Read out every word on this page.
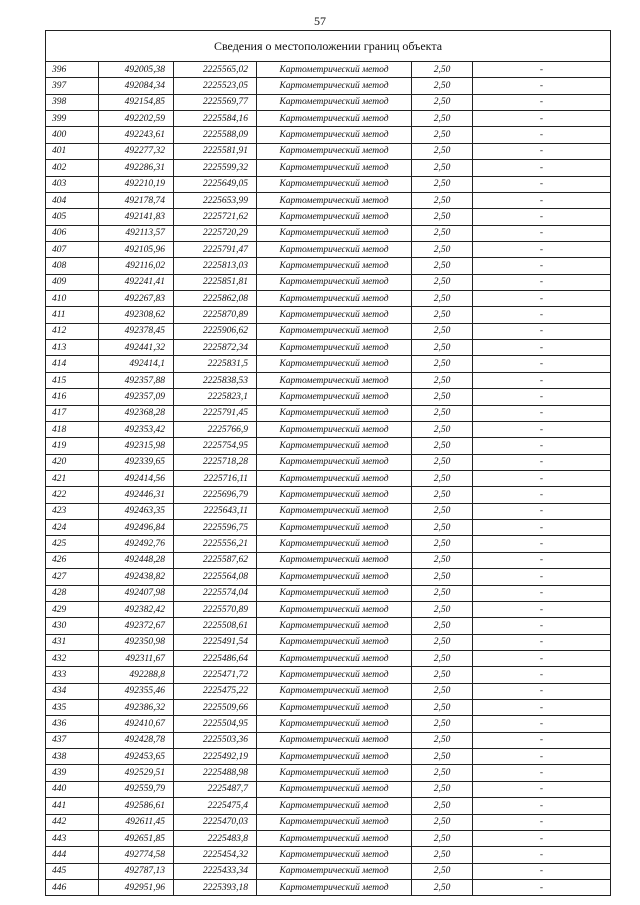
57
Сведения о местоположении границ объекта
396	492005,38	2225565,02	Картометрический метод	2,50	-
397	492084,34	2225523,05	Картометрический метод	2,50	-
398	492154,85	2225569,77	Картометрический метод	2,50	-
399	492202,59	2225584,16	Картометрический метод	2,50	-
400	492243,61	2225588,09	Картометрический метод	2,50	-
401	492277,32	2225581,91	Картометрический метод	2,50	-
402	492286,31	2225599,32	Картометрический метод	2,50	-
403	492210,19	2225649,05	Картометрический метод	2,50	-
404	492178,74	2225653,99	Картометрический метод	2,50	-
405	492141,83	2225721,62	Картометрический метод	2,50	-
406	492113,57	2225720,29	Картометрический метод	2,50	-
407	492105,96	2225791,47	Картометрический метод	2,50	-
408	492116,02	2225813,03	Картометрический метод	2,50	-
409	492241,41	2225851,81	Картометрический метод	2,50	-
410	492267,83	2225862,08	Картометрический метод	2,50	-
411	492308,62	2225870,89	Картометрический метод	2,50	-
412	492378,45	2225906,62	Картометрический метод	2,50	-
413	492441,32	2225872,34	Картометрический метод	2,50	-
414	492414,1	2225831,5	Картометрический метод	2,50	-
415	492357,88	2225838,53	Картометрический метод	2,50	-
416	492357,09	2225823,1	Картометрический метод	2,50	-
417	492368,28	2225791,45	Картометрический метод	2,50	-
418	492353,42	2225766,9	Картометрический метод	2,50	-
419	492315,98	2225754,95	Картометрический метод	2,50	-
420	492339,65	2225718,28	Картометрический метод	2,50	-
421	492414,56	2225716,11	Картометрический метод	2,50	-
422	492446,31	2225696,79	Картометрический метод	2,50	-
423	492463,35	2225643,11	Картометрический метод	2,50	-
424	492496,84	2225596,75	Картометрический метод	2,50	-
425	492492,76	2225556,21	Картометрический метод	2,50	-
426	492448,28	2225587,62	Картометрический метод	2,50	-
427	492438,82	2225564,08	Картометрический метод	2,50	-
428	492407,98	2225574,04	Картометрический метод	2,50	-
429	492382,42	2225570,89	Картометрический метод	2,50	-
430	492372,67	2225508,61	Картометрический метод	2,50	-
431	492350,98	2225491,54	Картометрический метод	2,50	-
432	492311,67	2225486,64	Картометрический метод	2,50	-
433	492288,8	2225471,72	Картометрический метод	2,50	-
434	492355,46	2225475,22	Картометрический метод	2,50	-
435	492386,32	2225509,66	Картометрический метод	2,50	-
436	492410,67	2225504,95	Картометрический метод	2,50	-
437	492428,78	2225503,36	Картометрический метод	2,50	-
438	492453,65	2225492,19	Картометрический метод	2,50	-
439	492529,51	2225488,98	Картометрический метод	2,50	-
440	492559,79	2225487,7	Картометрический метод	2,50	-
441	492586,61	2225475,4	Картометрический метод	2,50	-
442	492611,45	2225470,03	Картометрический метод	2,50	-
443	492651,85	2225483,8	Картометрический метод	2,50	-
444	492774,58	2225454,32	Картометрический метод	2,50	-
445	492787,13	2225433,34	Картометрический метод	2,50	-
446	492951,96	2225393,18	Картометрический метод	2,50	-
